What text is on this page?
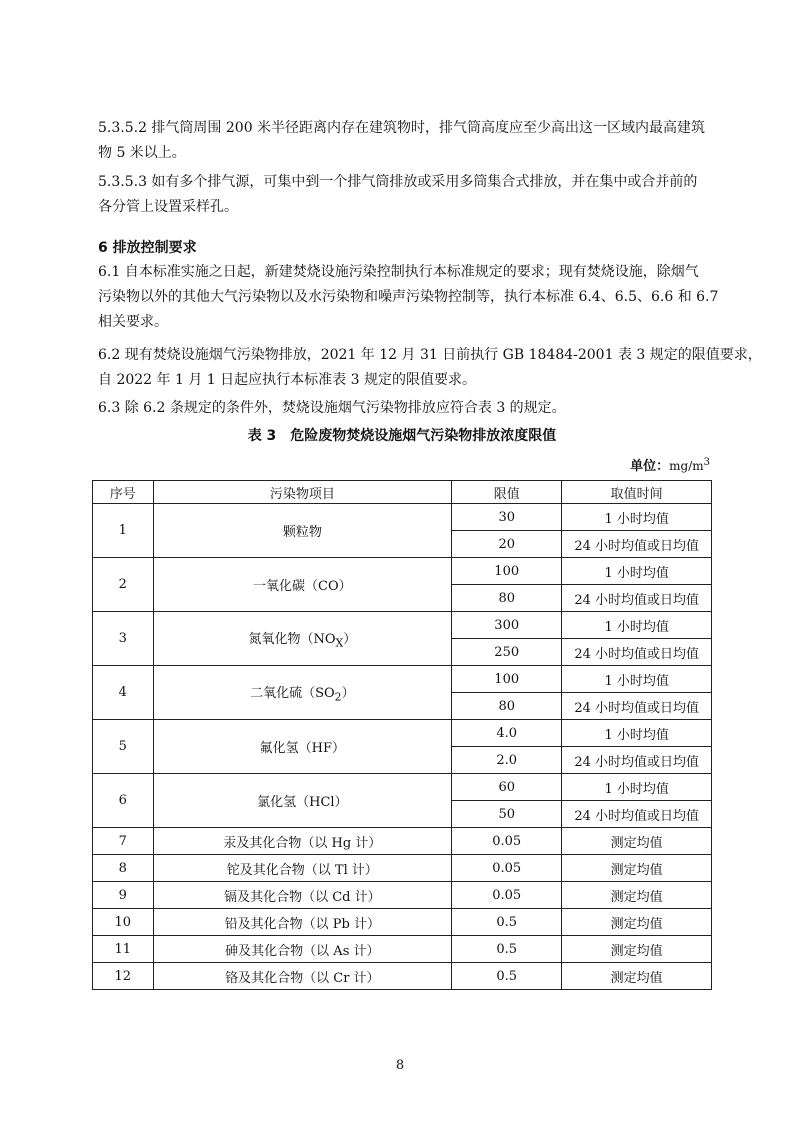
5.3.5.2 排气筒周围 200 米半径距离内存在建筑物时，排气筒高度应至少高出这一区域内最高建筑
物 5 米以上。

5.3.5.3 如有多个排气源，可集中到一个排气筒排放或采用多筒集合式排放，并在集中或合并前的
各分管上设置采样孔。

6 排放控制要求

6.1 自本标准实施之日起，新建焚烧设施污染控制执行本标准规定的要求；现有焚烧设施，除烟气
污染物以外的其他大气污染物以及水污染物和噪声污染物控制等，执行本标准 6.4、6.5、6.6 和 6.7
相关要求。

6.2 现有焚烧设施烟气污染物排放，2021 年 12 月 31 日前执行 GB 18484-2001 表 3 规定的限值要求，
自 2022 年 1 月 1 日起应执行本标准表 3 规定的限值要求。

6.3 除 6.2 条规定的条件外，焚烧设施烟气污染物排放应符合表 3 的规定。

表 3　危险废物焚烧设施烟气污染物排放浓度限值
单位：$mg/m^3$
序号	污染物项目	限值	取值时间
1	颗粒物	30	1 小时均值
		20	24 小时均值或日均值
2	一氧化碳（CO）	100	1 小时均值
		80	24 小时均值或日均值
3	氮氧化物$(NO_X)$	300	1 小时均值
		250	24 小时均值或日均值
4	二氧化硫$(SO_2)$	100	1 小时均值
		80	24 小时均值或日均值
5	氟化氢（HF）	4.0	1 小时均值
		2.0	24 小时均值或日均值
6	氯化氢（HCl）	60	1 小时均值
		50	24 小时均值或日均值
7	汞及其化合物（以 Hg 计）	0.05	测定均值
8	铊及其化合物（以 Tl 计）	0.05	测定均值
9	镉及其化合物（以 Cd 计）	0.05	测定均值
10	铅及其化合物（以 Pb 计）	0.5	测定均值
11	砷及其化合物（以 As 计）	0.5	测定均值
12	铬及其化合物（以 Cr 计）	0.5	测定均值
8
